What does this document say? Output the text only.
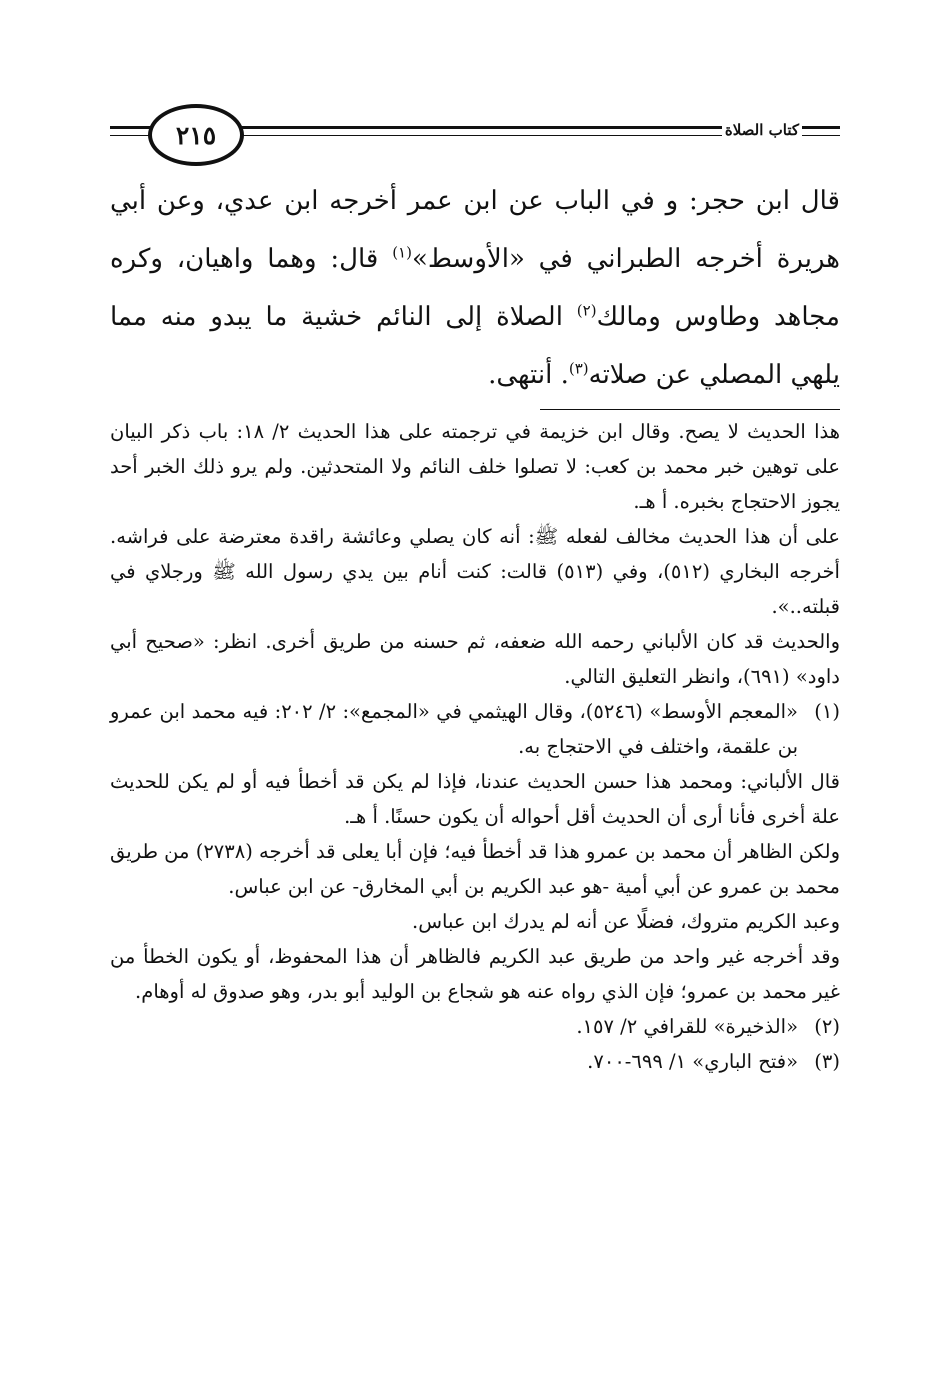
٢١٥	كتاب الصلاة

قال ابن حجر: و في الباب عن ابن عمر أخرجه ابن عدي، وعن أبي هريرة أخرجه الطبراني في «الأوسط»$^{(١)}$ قال: وهما واهيان، وكره مجاهد وطاوس ومالك$^{(٢)}$ الصلاة إلى النائم خشية ما يبدو منه مما يلهي المصلي عن صلاته$^{(٣)}$. أنتهى.

هذا الحديث لا يصح. وقال ابن خزيمة في ترجمته على هذا الحديث ٢/ ١٨: باب ذكر البيان على توهين خبر محمد بن كعب: لا تصلوا خلف النائم ولا المتحدثين. ولم يرو ذلك الخبر أحد يجوز الاحتجاج بخبره. أ هـ.

على أن هذا الحديث مخالف لفعله ﷺ: أنه كان يصلي وعائشة راقدة معترضة على فراشه. أخرجه البخاري (٥١٢)، وفي (٥١٣) قالت: كنت أنام بين يدي رسول الله ﷺ ورجلاي في قبلته..».

والحديث قد كان الألباني رحمه الله ضعفه، ثم حسنه من طريق أخرى. انظر: «صحيح أبي داود» (٦٩١)، وانظر التعليق التالي.

(١)
«المعجم الأوسط» (٥٢٤٦)، وقال الهيثمي في «المجمع»: ٢/ ٢٠٢: فيه محمد ابن عمرو بن علقمة، واختلف في الاحتجاج به.

قال الألباني: ومحمد هذا حسن الحديث عندنا، فإذا لم يكن قد أخطأ فيه أو لم يكن للحديث علة أخرى فأنا أرى أن الحديث أقل أحواله أن يكون حسنًا. أ هـ.

ولكن الظاهر أن محمد بن عمرو هذا قد أخطأ فيه؛ فإن أبا يعلى قد أخرجه (٢٧٣٨) من طريق محمد بن عمرو عن أبي أمية -هو عبد الكريم بن أبي المخارق- عن ابن عباس.

وعبد الكريم متروك، فضلًا عن أنه لم يدرك ابن عباس.

وقد أخرجه غير واحد من طريق عبد الكريم فالظاهر أن هذا المحفوظ، أو يكون الخطأ من غير محمد بن عمرو؛ فإن الذي رواه عنه هو شجاع بن الوليد أبو بدر، وهو صدوق له أوهام.

(٢)
«الذخيرة» للقرافي ٢/ ١٥٧.
(٣)
«فتح الباري» ١/ ٦٩٩-٧٠٠.
